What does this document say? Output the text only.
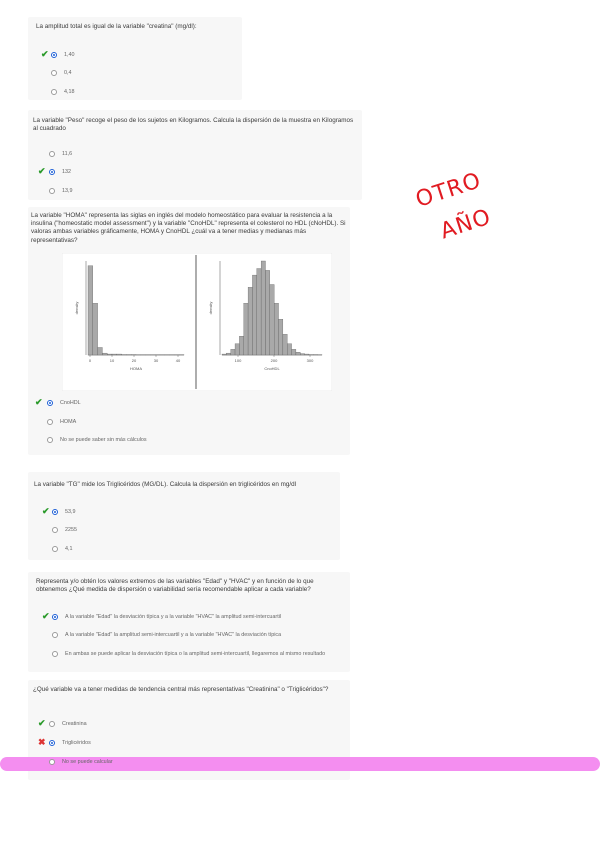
La amplitud total es igual de la variable "creatina" (mg/dl):
✔	1,40
0,4
4,18
La variable "Peso" recoge el peso de los sujetos en Kilogramos. Calcula la dispersión de la muestra en Kilogramos al cuadrado
✔
11,6
132
13,9
La variable "HOMA" representa las siglas en inglés del modelo homeostático para evaluar la resistencia a la insulina ("homeostatic model assessment") y la variable "CnoHDL" representa el colesterol no HDL (cNoHDL). Si valoras ambas variables gráficamente, HOMA y CnoHDL ¿cuál va a tener medias y medianas más representativas?
0	10	20	30	40
HOMA
density
100	200	300
CnoHDL
density
✔	CnoHDL
HOMA
No se puede saber sin más cálculos
La variable "TG" mide los Triglicéridos (MG/DL). Calcula la dispersión en triglicéridos en mg/dl
✔	53,9
2255
4,1
Representa y/o obtén los valores extremos de las variables "Edad" y "HVAC" y en función de lo que obtenemos ¿Qué medida de dispersión o variabilidad sería recomendable aplicar a cada variable?
✔	A la variable "Edad" la desviación típica y a la variable "HVAC" la amplitud semi-intercuartil
A la variable "Edad" la amplitud semi-intercuartil y a la variable "HVAC" la desviación típica
En ambas se puede aplicar la desviación típica o la amplitud semi-intercuartil, llegaremos al mismo resultado
¿Qué variable va a tener medidas de tendencia central más representativas "Creatinina" o "Triglicéridos"?
✔
✖
Creatinina
Triglicéridos
No se puede calcular
OTRO
AÑO
